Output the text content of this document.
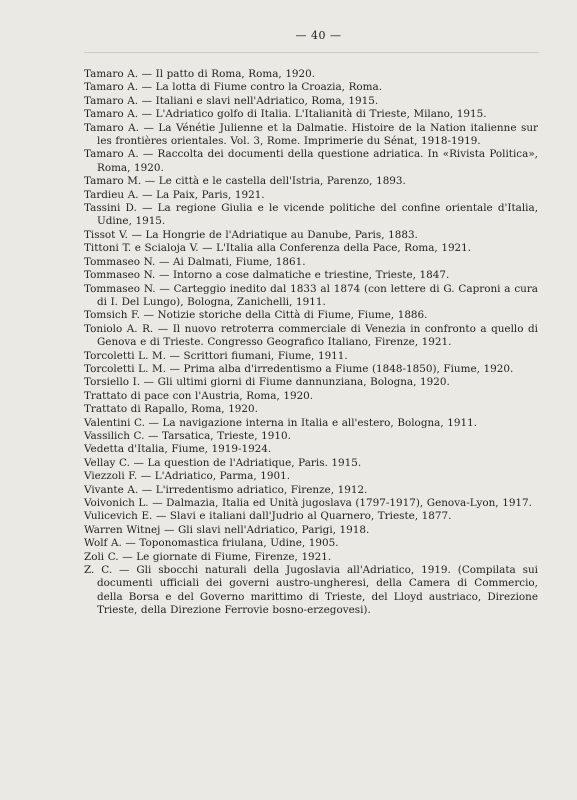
— 40 —
Tamaro A. — Il patto di Roma, Roma, 1920.
Tamaro A. — La lotta di Fiume contro la Croazia, Roma.
Tamaro A. — Italiani e slavi nell'Adriatico, Roma, 1915.
Tamaro A. — L'Adriatico golfo di Italia. L'Italianità di Trieste, Milano, 1915.
Tamaro A. — La Vénétie Julienne et la Dalmatie. Histoire de la Nation italienne sur les frontières orientales. Vol. 3, Rome. Imprimerie du Sénat, 1918-1919.
Tamaro A. — Raccolta dei documenti della questione adriatica. In «Rivista Politica», Roma, 1920.
Tamaro M. — Le città e le castella dell'Istria, Parenzo, 1893.
Tardieu A. — La Paix, Paris, 1921.
Tassini D. — La regione Giulia e le vicende politiche del confine orientale d'Italia, Udine, 1915.
Tissot V. — La Hongrie de l'Adriatique au Danube, Paris, 1883.
Tittoni T. e Scialoja V. — L'Italia alla Conferenza della Pace, Roma, 1921.
Tommaseo N. — Ai Dalmati, Fiume, 1861.
Tommaseo N. — Intorno a cose dalmatiche e triestine, Trieste, 1847.
Tommaseo N. — Carteggio inedito dal 1833 al 1874 (con lettere di G. Caproni a cura di I. Del Lungo), Bologna, Zanichelli, 1911.
Tomsich F. — Notizie storiche della Città di Fiume, Fiume, 1886.
Toniolo A. R. — Il nuovo retroterra commerciale di Venezia in confronto a quello di Genova e di Trieste. Congresso Geografico Italiano, Firenze, 1921.
Torcoletti L. M. — Scrittori fiumani, Fiume, 1911.
Torcoletti L. M. — Prima alba d'irredentismo a Fiume (1848-1850), Fiume, 1920.
Torsiello I. — Gli ultimi giorni di Fiume dannunziana, Bologna, 1920.
Trattato di pace con l'Austria, Roma, 1920.
Trattato di Rapallo, Roma, 1920.
Valentini C. — La navigazione interna in Italia e all'estero, Bologna, 1911.
Vassilich C. — Tarsatica, Trieste, 1910.
Vedetta d'Italia, Fiume, 1919-1924.
Vellay C. — La question de l'Adriatique, Paris. 1915.
Viezzoli F. — L'Adriatico, Parma, 1901.
Vivante A. — L'irredentismo adriatico, Firenze, 1912.
Voivonich L. — Dalmazia, Italia ed Unità jugoslava (1797-1917), Genova-Lyon, 1917.
Vulicevich E. — Slavi e italiani dall'Judrio al Quarnero, Trieste, 1877.
Warren Witnej — Gli slavi nell'Adriatico, Parigi, 1918.
Wolf A. — Toponomastica friulana, Udine, 1905.
Zoli C. — Le giornate di Fiume, Firenze, 1921.
Z. C. — Gli sbocchi naturali della Jugoslavia all'Adriatico, 1919. (Compilata sui documenti ufficiali dei governi austro-ungheresi, della Camera di Commercio, della Borsa e del Governo marittimo di Trieste, del Lloyd austriaco, Direzione Trieste, della Direzione Ferrovie bosno-erzegovesi).
